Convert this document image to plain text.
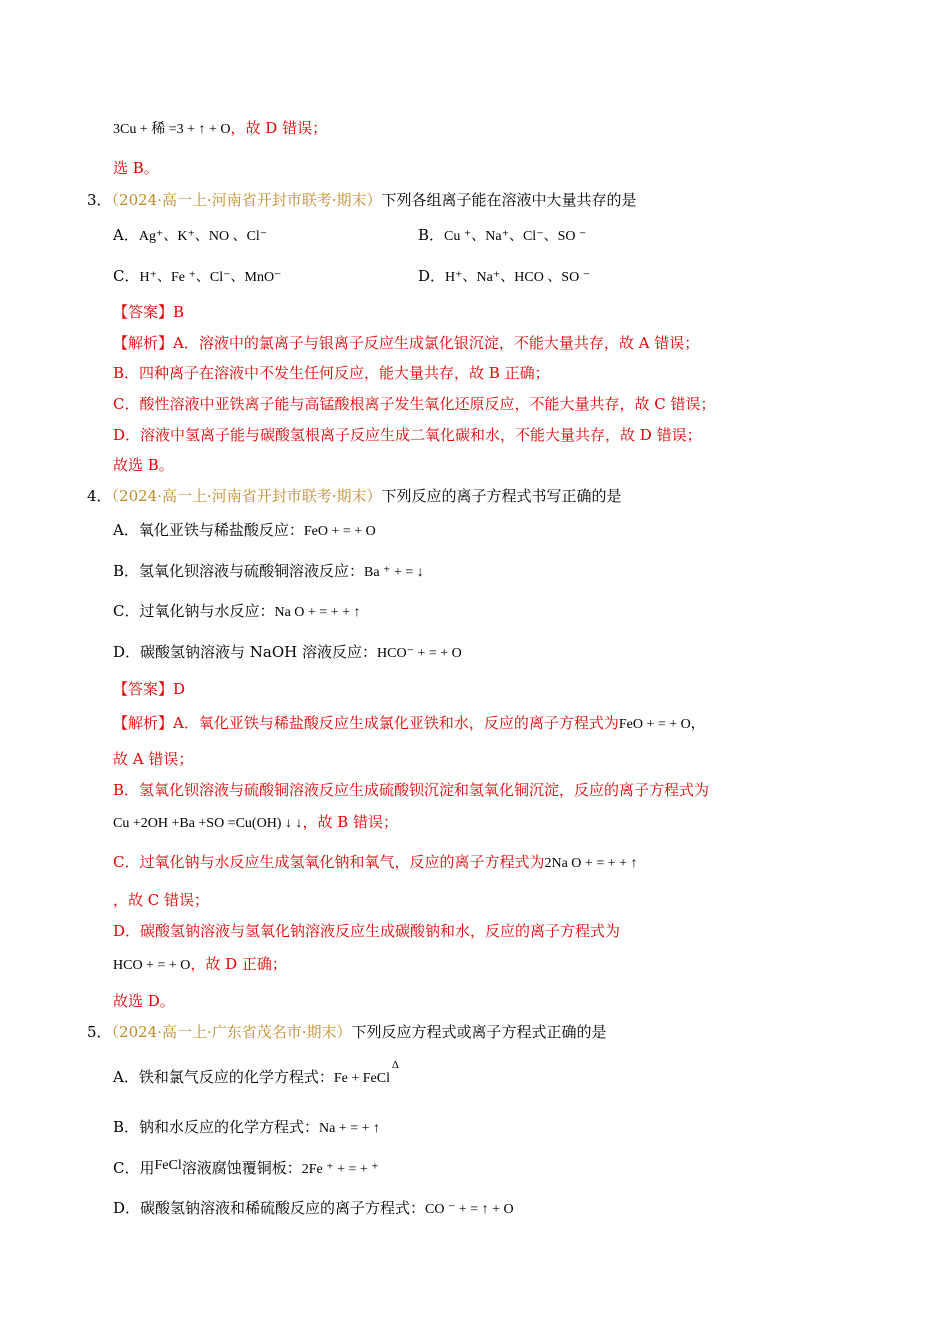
3Cu + 稀 =3 + ↑ + O，故 D 错误；
选 B。
3．（2024·高一上·河南省开封市联考·期末）下列各组离子能在溶液中大量共存的是
A．Ag⁺、K⁺、NO 、Cl⁻	B．Cu ⁺、Na⁺、Cl⁻、SO ⁻
C．H⁺、Fe ⁺、Cl⁻、MnO⁻	D．H⁺、Na⁺、HCO 、SO ⁻
【答案】B
【解析】A．溶液中的氯离子与银离子反应生成氯化银沉淀，不能大量共存，故 A 错误；
B．四种离子在溶液中不发生任何反应，能大量共存，故 B 正确；
C．酸性溶液中亚铁离子能与高锰酸根离子发生氧化还原反应，不能大量共存，故 C 错误；
D．溶液中氢离子能与碳酸氢根离子反应生成二氧化碳和水，不能大量共存，故 D 错误；
故选 B。
4．（2024·高一上·河南省开封市联考·期末）下列反应的离子方程式书写正确的是
A．氧化亚铁与稀盐酸反应：FeO + = + O
B．氢氧化钡溶液与硫酸铜溶液反应：Ba ⁺ + = ↓
C．过氧化钠与水反应：Na O + = + + ↑
D．碳酸氢钠溶液与 NaOH 溶液反应：HCO⁻ + = + O
【答案】D
【解析】A．氧化亚铁与稀盐酸反应生成氯化亚铁和水，反应的离子方程式为FeO + = + O，
故 A 错误；
B．氢氧化钡溶液与硫酸铜溶液反应生成硫酸钡沉淀和氢氧化铜沉淀，反应的离子方程式为
Cu +2OH +Ba +SO =Cu(OH) ↓ ↓，故 B 错误；
C．过氧化钠与水反应生成氢氧化钠和氧气，反应的离子方程式为2Na O + = + + ↑
，故 C 错误；
D．碳酸氢钠溶液与氢氧化钠溶液反应生成碳酸钠和水，反应的离子方程式为
HCO + = + O，故 D 正确；
故选 D。
5．（2024·高一上·广东省茂名市·期末）下列反应方程式或离子方程式正确的是
A．铁和氯气反应的化学方程式：Fe + FeCl
Δ
B．钠和水反应的化学方程式：Na + = + ↑
C．用FeCl溶液腐蚀覆铜板：2Fe ⁺ + = + ⁺
D．碳酸氢钠溶液和稀硫酸反应的离子方程式：CO ⁻ + = ↑ + O
